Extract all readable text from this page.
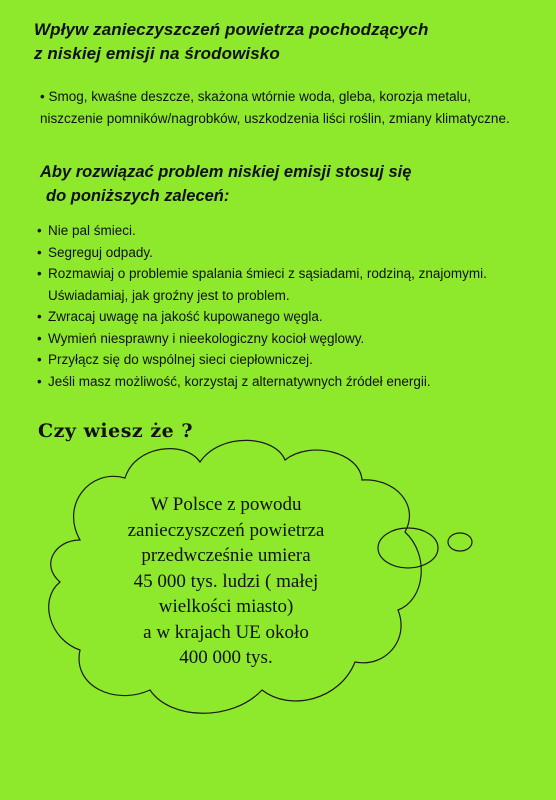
Wpływ zanieczyszczeń powietrza pochodzących
z niskiej emisji na środowisko
• Smog, kwaśne deszcze, skażona wtórnie woda, gleba, korozja metalu, niszczenie pomników/nagrobków, uszkodzenia liści roślin, zmiany klimatyczne.
Aby rozwiązać problem niskiej emisji stosuj się
do poniższych zaleceń:
• Nie pal śmieci.
• Segreguj odpady.
• Rozmawiaj o problemie spalania śmieci z sąsiadami, rodziną, znajomymi. Uświadamiaj, jak groźny jest to problem.
• Zwracaj uwagę na jakość kupowanego węgla.
• Wymień niesprawny i nieekologiczny kocioł węglowy.
• Przyłącz się do wspólnej sieci ciepłowniczej.
• Jeśli masz możliwość, korzystaj z alternatywnych źródeł energii.
Czy wiesz że ?
W Polsce z powodu
zanieczyszczeń powietrza
przedwcześnie umiera
45 000 tys. ludzi ( małej
wielkości miasto)
a w krajach UE około
400 000 tys.
